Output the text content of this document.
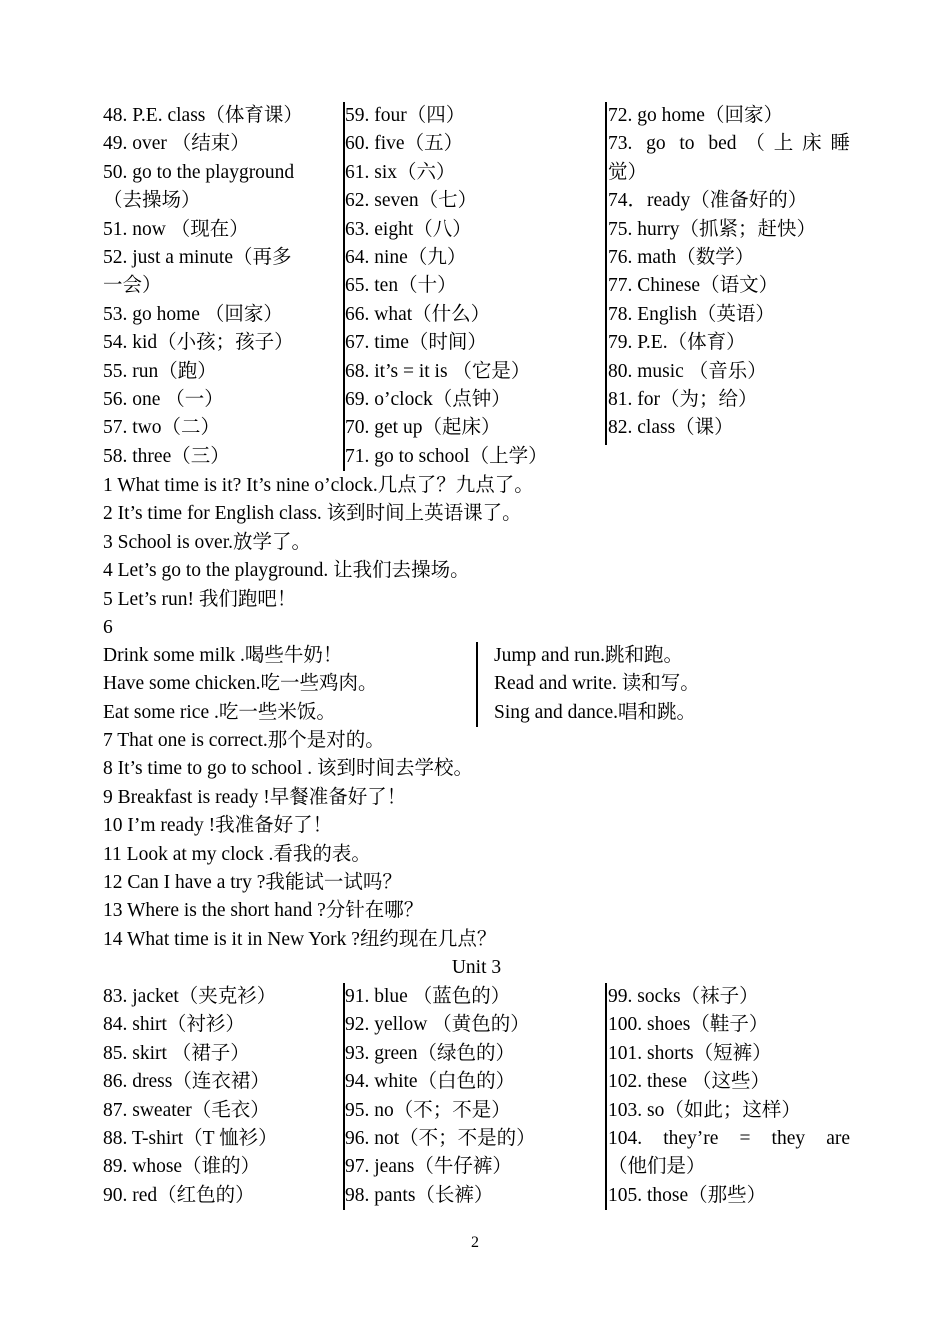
48. P.E. class（体育课）
49. over （结束）
50. go to the playground
（去操场）
51. now （现在）
52. just a minute（再多
一会）
53. go home （回家）
54. kid（小孩；孩子）
55. run（跑）
56. one （一）
57. two（二）
58. three（三）
59. four（四）
60. five（五）
61. six（六）
62. seven（七）
63. eight（八）
64. nine（九）
65. ten（十）
66. what（什么）
67. time（时间）
68. it’s = it is （它是）
69. o’clock（点钟）
70. get up（起床）
71. go to school（上学）
72. go home（回家）
73. go to bed（上床睡
觉）
74．ready（准备好的）
75. hurry（抓紧；赶快）
76. math（数学）
77. Chinese（语文）
78. English（英语）
79. P.E.（体育）
80. music （音乐）
81. for（为；给）
82. class（课）
1 What time is it? It’s nine o’clock.几点了？九点了。
2 It’s time for English class. 该到时间上英语课了。
3 School is over.放学了。
4 Let’s go to the playground. 让我们去操场。
5 Let’s run! 我们跑吧！
6
Drink some milk .喝些牛奶！
Have some chicken.吃一些鸡肉。
Eat some rice .吃一些米饭。
Jump and run.跳和跑。
Read and write. 读和写。
Sing and dance.唱和跳。
7 That one is correct.那个是对的。
8 It’s time to go to school . 该到时间去学校。
9 Breakfast is ready !早餐准备好了！
10 I’m ready !我准备好了！
11 Look at my clock .看我的表。
12 Can I have a try ?我能试一试吗？
13 Where is the short hand ?分针在哪？
14 What time is it in New York ?纽约现在几点？
Unit 3
83. jacket（夹克衫）
84. shirt（衬衫）
85. skirt （裙子）
86. dress（连衣裙）
87. sweater（毛衣）
88. T-shirt（T 恤衫）
89. whose（谁的）
90. red（红色的）
91. blue （蓝色的）
92. yellow （黄色的）
93. green（绿色的）
94. white（白色的）
95. no（不；不是）
96. not（不；不是的）
97. jeans（牛仔裤）
98. pants（长裤）
99. socks（袜子）
100. shoes（鞋子）
101. shorts（短裤）
102. these （这些）
103. so（如此；这样）
104. they’re = they are
（他们是）
105. those（那些）
2
